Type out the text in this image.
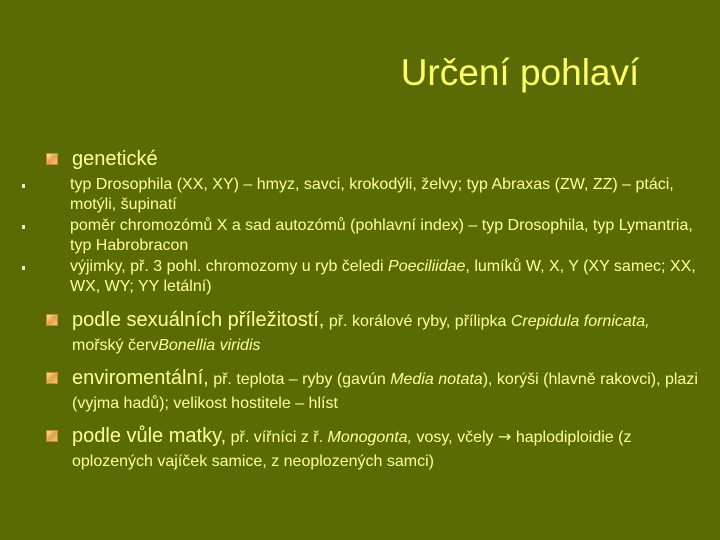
Určení pohlaví
genetické
typ Drosophila (XX, XY) – hmyz, savci, krokodýli, želvy; typ Abraxas (ZW, ZZ) – ptáci, motýli, šupinatí
poměr chromozómů X a sad autozómů (pohlavní index) – typ Drosophila, typ Lymantria, typ Habrobracon
výjimky, př. 3 pohl. chromozomy u ryb čeledi Poeciliidae, lumíků W, X, Y (XY samec; XX, WX, WY; YY letální)
podle sexuálních příležitostí, př. korálové ryby, přílipka Crepidula fornicata, mořský červBonellia viridis
enviromentální, př. teplota – ryby (gavún Media notata), korýši (hlavně rakovci), plazi (vyjma hadů); velikost hostitele – hlíst
podle vůle matky, př. vířníci z ř. Monogonta, vosy, včely → haplodiploidie (z oplozených vajíček samice, z neoplozených samci)
